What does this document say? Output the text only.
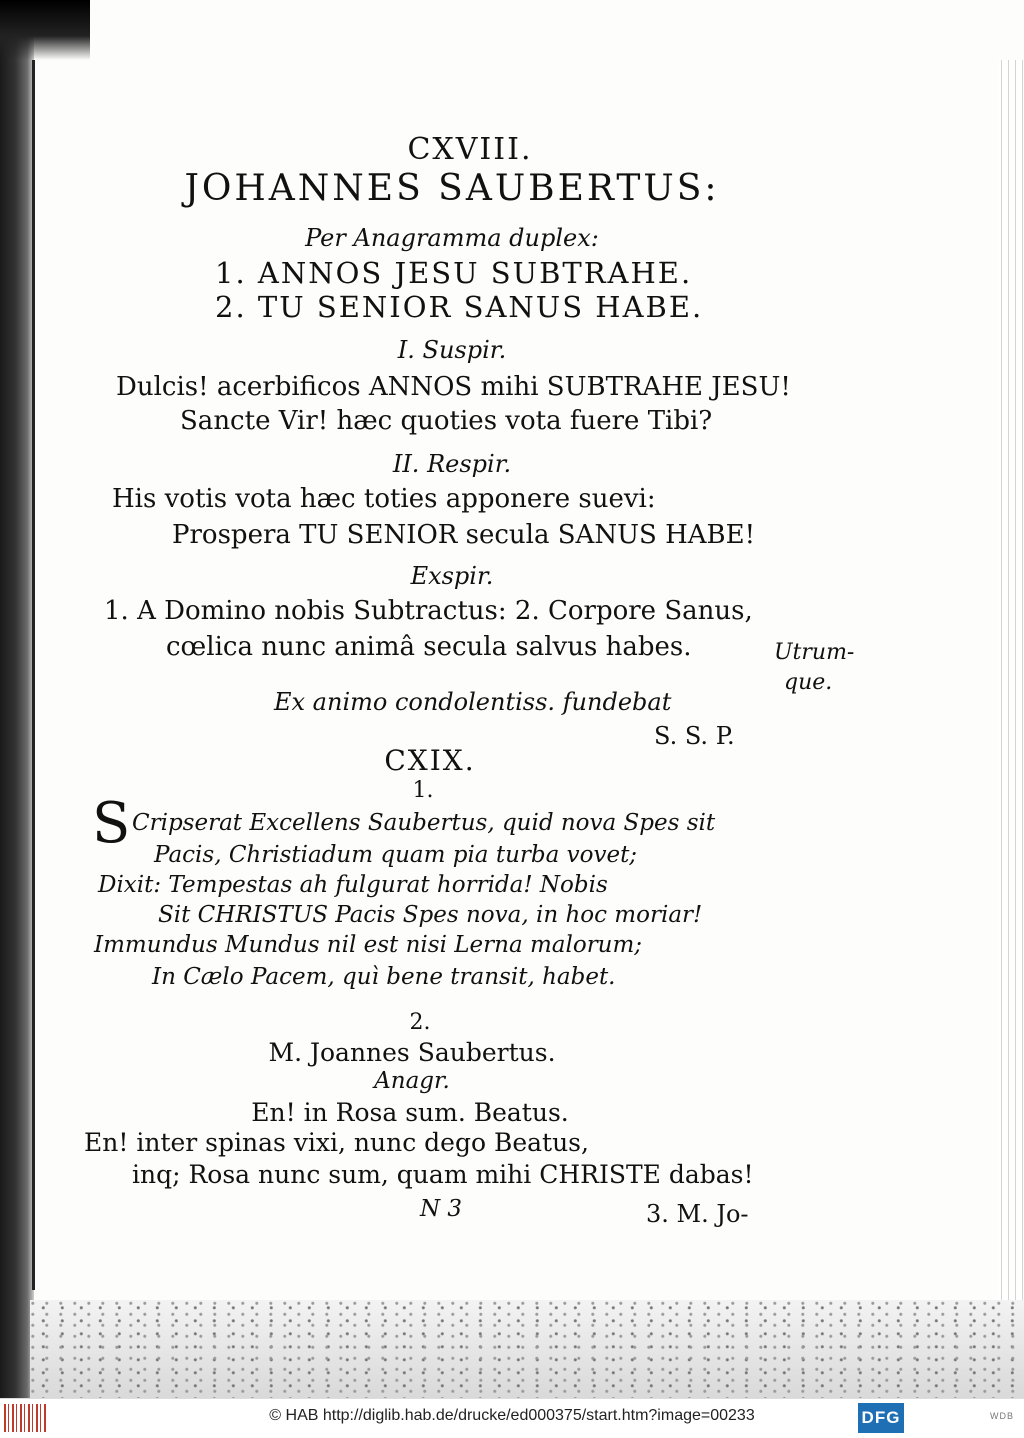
CXVIII.
JOHANNES SAUBERTUS:
Per Anagramma duplex:
1. ANNOS JESU SUBTRAHE.
2. TU SENIOR SANUS HABE.
I. Suspir.
Dulcis! acerbificos ANNOS mihi SUBTRAHE JESU!
Sancte Vir! hæc quoties vota fuere Tibi?
II. Respir.
His votis vota hæc toties apponere suevi:
Prospera TU SENIOR secula SANUS HABE!
Exspir.
1. A Domino nobis Subtractus: 2. Corpore Sanus,
cœlica nunc animâ secula salvus habes.	Utrum-
que.
Ex animo condolentiss. fundebat
S. S. P.
CXIX.
1.
S Cripserat Excellens Saubertus, quid nova Spes sit
Pacis, Christiadum quam pia turba vovet;
Dixit: Tempestas ah fulgurat horrida! Nobis
Sit CHRISTUS Pacis Spes nova, in hoc moriar!
Immundus Mundus nil est nisi Lerna malorum;
In Cælo Pacem, quì bene transit, habet.
2.
M. Joannes Saubertus.
Anagr.
En! in Rosa sum. Beatus.
En! inter spinas vixi, nunc dego Beatus,
inq; Rosa nunc sum, quam mihi CHRISTE dabas!
N 3	3. M. Jo-
© HAB http://diglib.hab.de/drucke/ed000375/start.htm?image=00233	DFG	WDB
